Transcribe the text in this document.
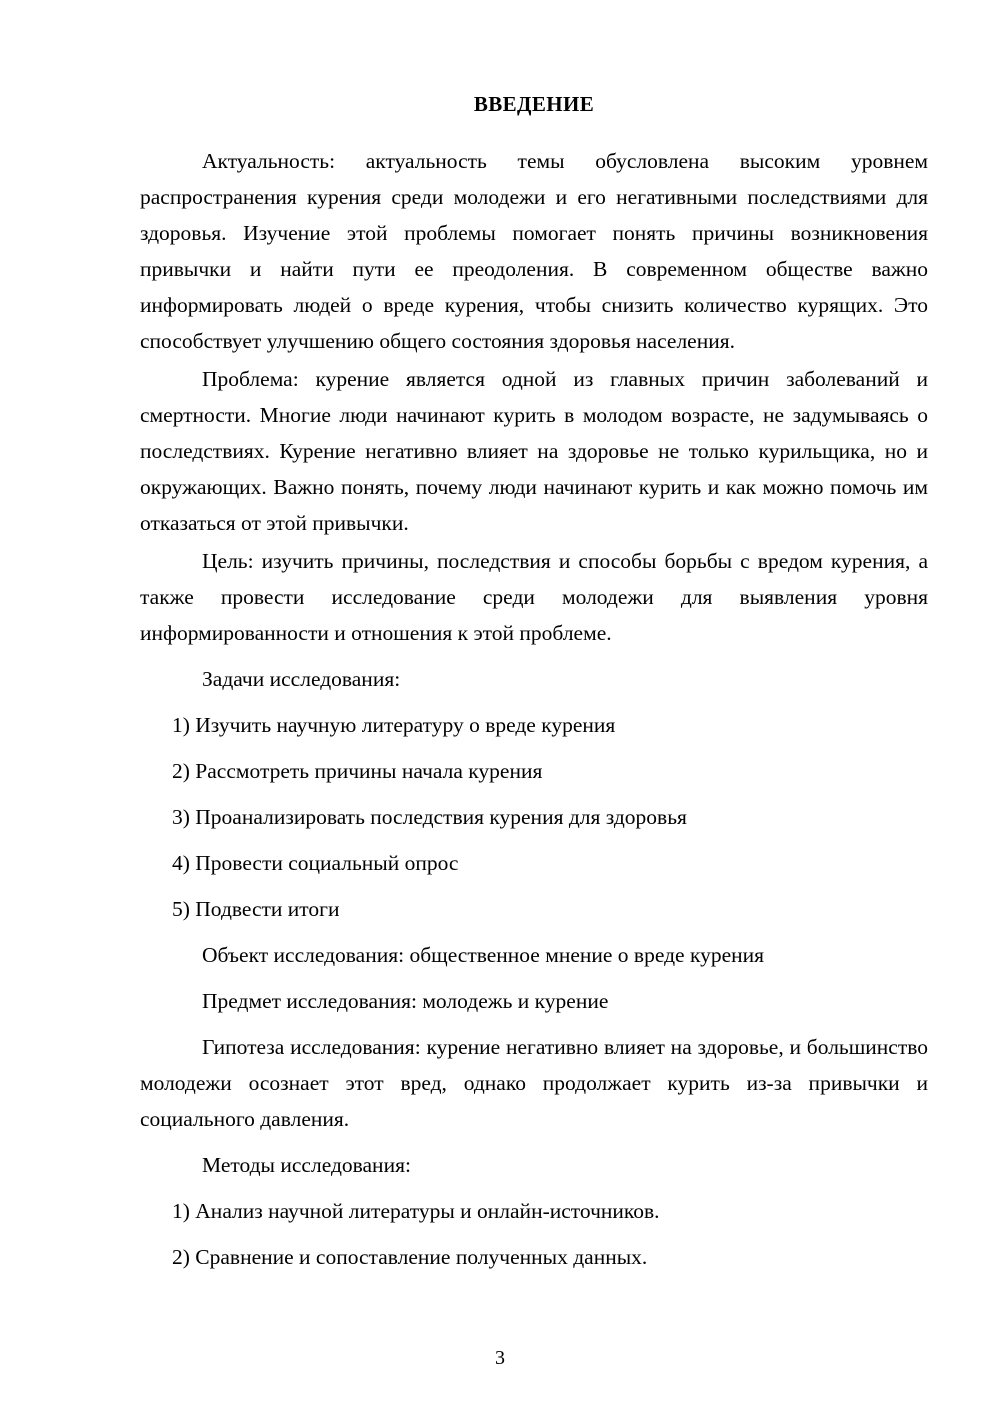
ВВЕДЕНИЕ

Актуальность: актуальность темы обусловлена высоким уровнем распространения курения среди молодежи и его негативными последствиями для здоровья. Изучение этой проблемы помогает понять причины возникновения привычки и найти пути ее преодоления. В современном обществе важно информировать людей о вреде курения, чтобы снизить количество курящих. Это способствует улучшению общего состояния здоровья населения.

Проблема: курение является одной из главных причин заболеваний и смертности. Многие люди начинают курить в молодом возрасте, не задумываясь о последствиях. Курение негативно влияет на здоровье не только курильщика, но и окружающих. Важно понять, почему люди начинают курить и как можно помочь им отказаться от этой привычки.

Цель: изучить причины, последствия и способы борьбы с вредом курения, а также провести исследование среди молодежи для выявления уровня информированности и отношения к этой проблеме.

Задачи исследования:

1) Изучить научную литературу о вреде курения

2) Рассмотреть причины начала курения

3) Проанализировать последствия курения для здоровья

4) Провести социальный опрос

5) Подвести итоги

Объект исследования: общественное мнение о вреде курения

Предмет исследования: молодежь и курение

Гипотеза исследования: курение негативно влияет на здоровье, и большинство молодежи осознает этот вред, однако продолжает курить из-за привычки и социального давления.

Методы исследования:

1) Анализ научной литературы и онлайн-источников.

2) Сравнение и сопоставление полученных данных.

3
